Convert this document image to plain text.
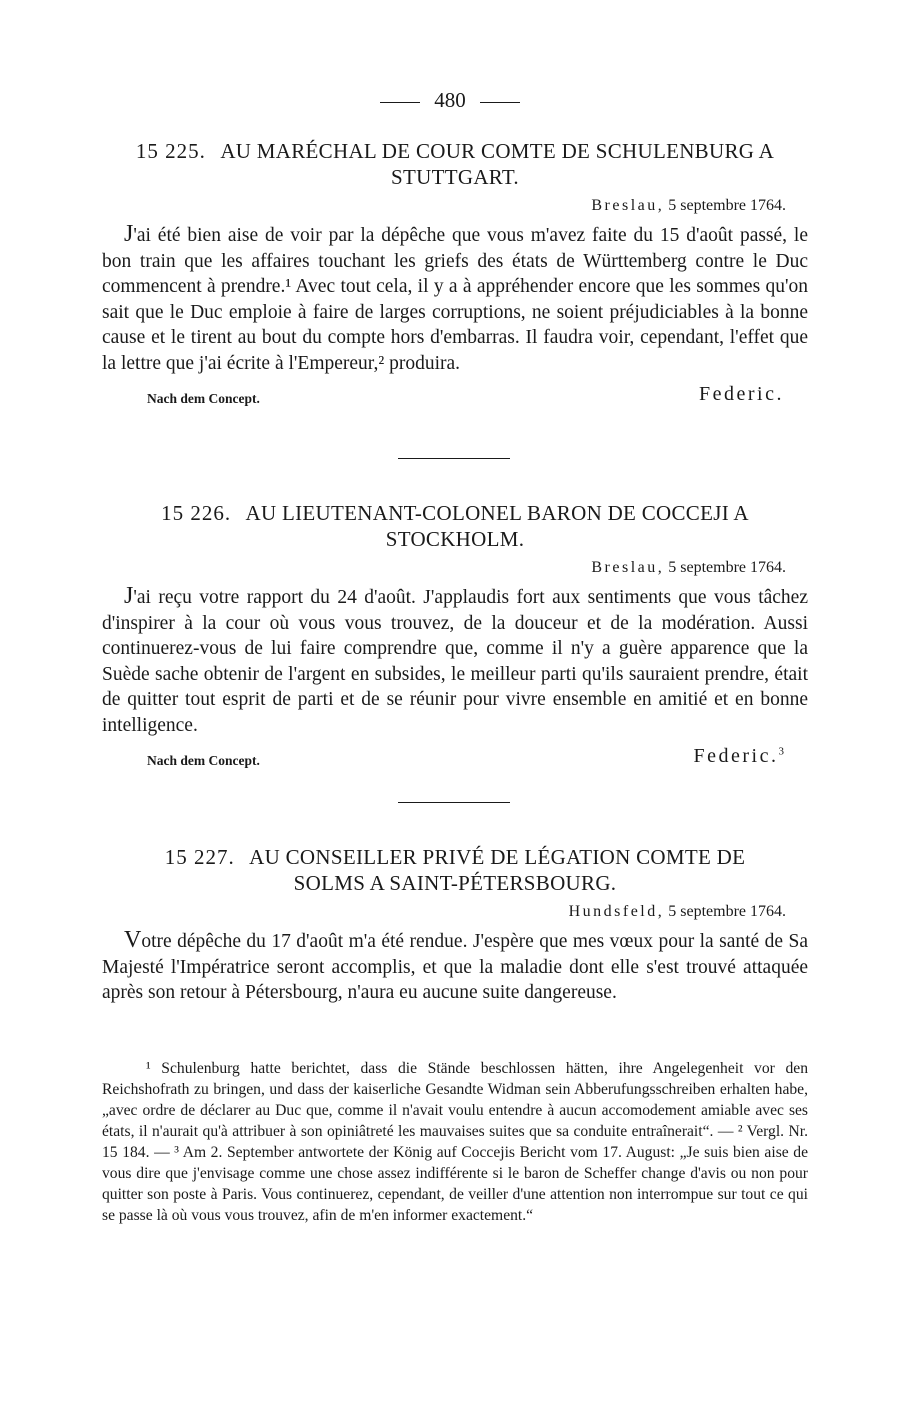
480

15 225. AU MARÉCHAL DE COUR COMTE DE SCHULENBURG A STUTTGART.

Breslau, 5 septembre 1764.

J'ai été bien aise de voir par la dépêche que vous m'avez faite du 15 d'août passé, le bon train que les affaires touchant les griefs des états de Württemberg contre le Duc commencent à prendre.¹ Avec tout cela, il y a à appréhender encore que les sommes qu'on sait que le Duc emploie à faire de larges corruptions, ne soient préjudiciables à la bonne cause et le tirent au bout du compte hors d'embarras. Il faudra voir, cependant, l'effet que la lettre que j'ai écrite à l'Empereur,² produira.

Nach dem Concept.	Federic.

15 226. AU LIEUTENANT-COLONEL BARON DE COCCEJI A STOCKHOLM.

Breslau, 5 septembre 1764.

J'ai reçu votre rapport du 24 d'août. J'applaudis fort aux sentiments que vous tâchez d'inspirer à la cour où vous vous trouvez, de la douceur et de la modération. Aussi continuerez-vous de lui faire comprendre que, comme il n'y a guère apparence que la Suède sache obtenir de l'argent en subsides, le meilleur parti qu'ils sauraient prendre, était de quitter tout esprit de parti et de se réunir pour vivre ensemble en amitié et en bonne intelligence.

Nach dem Concept.	Federic.$^3$

15 227. AU CONSEILLER PRIVÉ DE LÉGATION COMTE DE SOLMS A SAINT-PÉTERSBOURG.

Hundsfeld, 5 septembre 1764.

Votre dépêche du 17 d'août m'a été rendue. J'espère que mes vœux pour la santé de Sa Majesté l'Impératrice seront accomplis, et que la maladie dont elle s'est trouvé attaquée après son retour à Pétersbourg, n'aura eu aucune suite dangereuse.

¹ Schulenburg hatte berichtet, dass die Stände beschlossen hätten, ihre Angelegenheit vor den Reichshofrath zu bringen, und dass der kaiserliche Gesandte Widman sein Abberufungsschreiben erhalten habe, „avec ordre de déclarer au Duc que, comme il n'avait voulu entendre à aucun accomodement amiable avec ses états, il n'aurait qu'à attribuer à son opiniâtreté les mauvaises suites que sa conduite entraînerait“. — ² Vergl. Nr. 15 184. — ³ Am 2. September antwortete der König auf Coccejis Bericht vom 17. August: „Je suis bien aise de vous dire que j'envisage comme une chose assez indifférente si le baron de Scheffer change d'avis ou non pour quitter son poste à Paris. Vous continuerez, cependant, de veiller d'une attention non interrompue sur tout ce qui se passe là où vous vous trouvez, afin de m'en informer exactement.“
